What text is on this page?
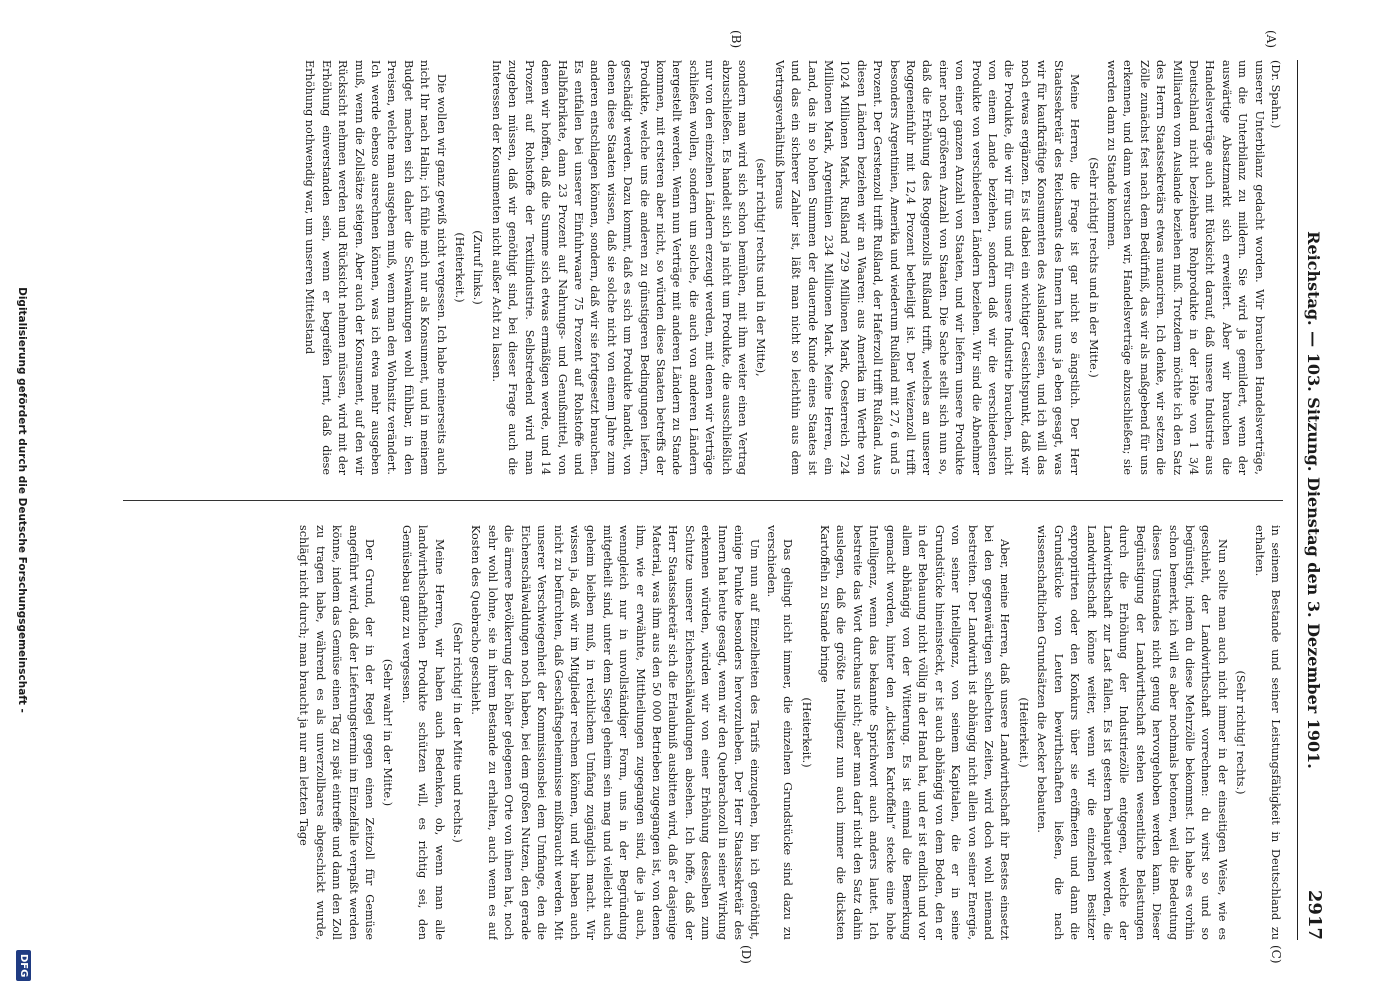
Reichstag. — 103. Sitzung. Dienstag den 3. Dezember 1901.
2917
(A)
(B)
(C)
(D)

(Dr. Spahn.)

unserer Unterbilanz gedacht worden. Wir brauchen Handelsverträge, um die Unterbilanz zu mildern. Sie wird ja gemildert, wenn der auswärtige Absatzmarkt sich erweitert. Aber wir brauchen die Handelsverträge auch mit Rücksicht darauf, daß unsere Industrie aus Deutschland nicht beziehbare Rohprodukte in der Höhe von 1 3/4 Milliarden vom Auslande beziehen muß. Trotzdem möchte ich den Satz des Herrn Staatssekretärs etwas nuanciren. Ich denke, wir setzen die Zölle zunächst fest nach dem Bedürfniß, das wir als maßgebend für uns erkennen, und dann versuchen wir, Handelsverträge abzuschließen; sie werden dann zu Stande kommen.

(Sehr richtig! rechts und in der Mitte.)

Meine Herren, die Frage ist gar nicht so ängstlich. Der Herr Staatssekretär des Reichsamts des Innern hat uns ja eben gesagt, was wir für kaufkräftige Konsumenten des Auslandes seien, und ich will das noch etwas ergänzen. Es ist dabei ein wichtiger Gesichtspunkt, daß wir die Produkte, die wir für uns und für unsere Industrie brauchen, nicht von einem Lande beziehen, sondern daß wir die verschiedensten Produkte von verschiedenen Ländern beziehen. Wir sind die Abnehmer von einer ganzen Anzahl von Staaten, und wir liefern unsere Produkte einer noch größeren Anzahl von Staaten. Die Sache stellt sich nun so, daß die Erhöhung des Roggenzolls Rußland trifft, welches an unserer Roggeneinfuhr mit 12,4 Prozent betheiligt ist. Der Weizenzoll trifft besonders Argentinien, Amerika und wiederum Rußland mit 27, 6 und 5 Prozent. Der Gerstenzoll trifft Rußland, der Haferzoll trifft Rußland. Aus diesen Ländern beziehen wir an Waaren: aus Amerika im Werthe von 1024 Millionen Mark, Rußland 729 Millionen Mark, Oesterreich 724 Millionen Mark, Argentinien 234 Millionen Mark. Meine Herren, ein Land, das in so hohen Summen der dauernde Kunde eines Staates ist und das ein sicherer Zahler ist, läßt man nicht so leichthin aus dem Vertragsverhältniß heraus

(sehr richtig! rechts und in der Mitte),

sondern man wird sich schon bemühen, mit ihm weiter einen Vertrag abzuschließen. Es handelt sich ja nicht um Produkte, die ausschließlich nur von den einzelnen Ländern erzeugt werden, mit denen wir Verträge schließen wollen, sondern um solche, die auch von anderen Ländern hergestellt werden. Wenn nun Verträge mit anderen Ländern zu Stande kommen, mit ersteren aber nicht, so würden diese Staaten betreffs der Produkte, welche uns die anderen zu günstigeren Bedingungen liefern, geschädigt werden. Dazu kommt, daß es sich um Produkte handelt, von denen diese Staaten wissen, daß sie solche nicht von einem Jahre zum anderen entschlagen können, sondern, daß wir sie fortgesetzt brauchen. Es entfallen bei unserer Einfuhrwaare 75 Prozent auf Rohstoffe und Halbfabrikate, dann 23 Prozent auf Nahrungs- und Genußmittel, von denen wir hoffen, daß die Summe sich etwas ermäßigen werde, und 14 Prozent auf Rohstoffe der Textilindustrie. Selbstredend wird man zugeben müssen, daß wir genöthigt sind, bei dieser Frage auch die Interessen der Konsumenten nicht außer Acht zu lassen.

(Zuruf links.)

(Heiterkeit.)

Die wollen wir ganz gewiß nicht vergessen. Ich habe meinerseits auch nicht Ihr nach Halin; ich fühle mich nur als Konsument, und in meinem Budget machen sich daher die Schwankungen wohl fühlbar, in den Preisen, welche man ausgeben muß, wenn man den Wohnsitz verändert. Ich werde ebenso ausrechnen können, was ich etwa mehr ausgeben muß, wenn die Zollsätze steigen. Aber auch der Konsument, auf den wir Rücksicht nehmen werden und Rücksicht nehmen müssen, wird mit der Erhöhung einverstanden sein, wenn er begreifen lernt, daß diese Erhöhung nothwendig war, um unseren Mittelstand

in seinem Bestande und seiner Leistungsfähigkeit in Deutschland zu erhalten.

(Sehr richtig! rechts.)

Nun sollte man auch nicht immer in der einseitigen Weise, wie es geschieht, der Landwirthschaft vorrechnen: du wirst so und so begünstigt, indem du diese Mehrzölle bekommst. Ich habe es vorhin schon bemerkt, ich will es aber nochmals betonen, weil die Bedeutung dieses Umstandes nicht genug hervorgehoben werden kann. Dieser Begünstigung der Landwirthschaft stehen wesentliche Belastungen durch die Erhöhung der Industriezölle entgegen, welche der Landwirthschaft zur Last fallen. Es ist gestern behauptet worden, die Landwirthschaft könne weiter, wenn wir die einzelnen Besitzer expropriirten oder den Konkurs über sie eröffneten und dann die Grundstücke von Leuten bewirthschaften ließen, die nach wissenschaftlichen Grundsätzen die Aecker bebauten.

(Heiterkeit.)

Aber, meine Herren, daß unsere Landwirthschaft ihr Bestes einsetzt bei den gegenwärtigen schlechten Zeiten, wird doch wohl niemand bestreiten. Der Landwirth ist abhängig nicht allein von seiner Energie, von seiner Intelligenz, von seinem Kapitalen, die er in seine Grundstücke hineinsteckt, er ist auch abhängig von dem Boden, den er in der Behauung nicht völlig in der Hand hat, und er ist endlich und vor allem abhängig von der Witterung. Es ist einmal die Bemerkung gemacht worden, hinter den „dicksten Kartoffeln“ stecke eine hohe Intelligenz, wenn das bekannte Sprichwort auch anders lautet. Ich bestreite das Wort durchaus nicht; aber man darf nicht den Satz dahin auslegen, daß die größte Intelligenz nun auch immer die dicksten Kartoffeln zu Stande bringe

(Heiterkeit.)

Das gelingt nicht immer, die einzelnen Grundstücke sind dazu zu verschieden.

Um nun auf Einzelheiten des Tarifs einzugehen, bin ich genöthigt, einige Punkte besonders hervorzuheben. Der Herr Staatssekretär des Innern hat heute gesagt, wenn wir den Quebrachozoll in seiner Wirkung erkennen würden, würden wir von einer Erhöhung desselben zum Schutze unserer Eichenschälwaldungen absehen. Ich hoffe, daß der Herr Staatssekretär sich die Erlaubniß ausbitten wird, daß er dasjenige Material, was ihm aus den 50 000 Betrieben zugegangen ist, von denen ihm, wie er erwähnte, Mittheilungen zugegangen sind, die ja auch, wenngleich nur in unvollständiger Form, uns in der Begründung mitgetheilt sind, unter dem Siegel geheim sein mag und vielleicht auch geheim bleiben muß, in reichlichem Umfang zugänglich macht. Wir wissen ja, daß wir im Mitglieder rechnen können, und wir haben auch nicht zu befürchten, daß Geschäftsgeheimnisse mißbraucht werden. Mit unserer Verschwiegenheit der Kommissionsbei dem Umfange, den die Eichenschälwaldungen noch haben, bei dem großen Nutzen, den gerade die ärmere Bevölkerung der höher gelegenen Orte von ihnen hat, noch sehr wohl lohne, sie in ihrem Bestande zu erhalten, auch wenn es auf Kosten des Quebracho geschieht.

(Sehr richtig! in der Mitte und rechts.)

Meine Herren, wir haben auch Bedenken, ob, wenn man alle landwirthschaftlichen Produkte schützen will, es richtig sei, den Gemüsebau ganz zu vergessen.

(Sehr wahr! in der Mitte.)

Der Grund, der in der Regel gegen einen Zeitzoll für Gemüse angeführt wird, daß der Lieferungstermin im Einzelfalle verpaßt werden könne, indem das Gemüse einen Tag zu spät eintreffe und dann den Zoll zu tragen habe, während es als unverzollbares abgeschickt wurde, schlägt nicht durch; man braucht ja nur am letzten Tage

Digitalisierung gefördert durch die Deutsche Forschungsgemeinschaft -
DFG
